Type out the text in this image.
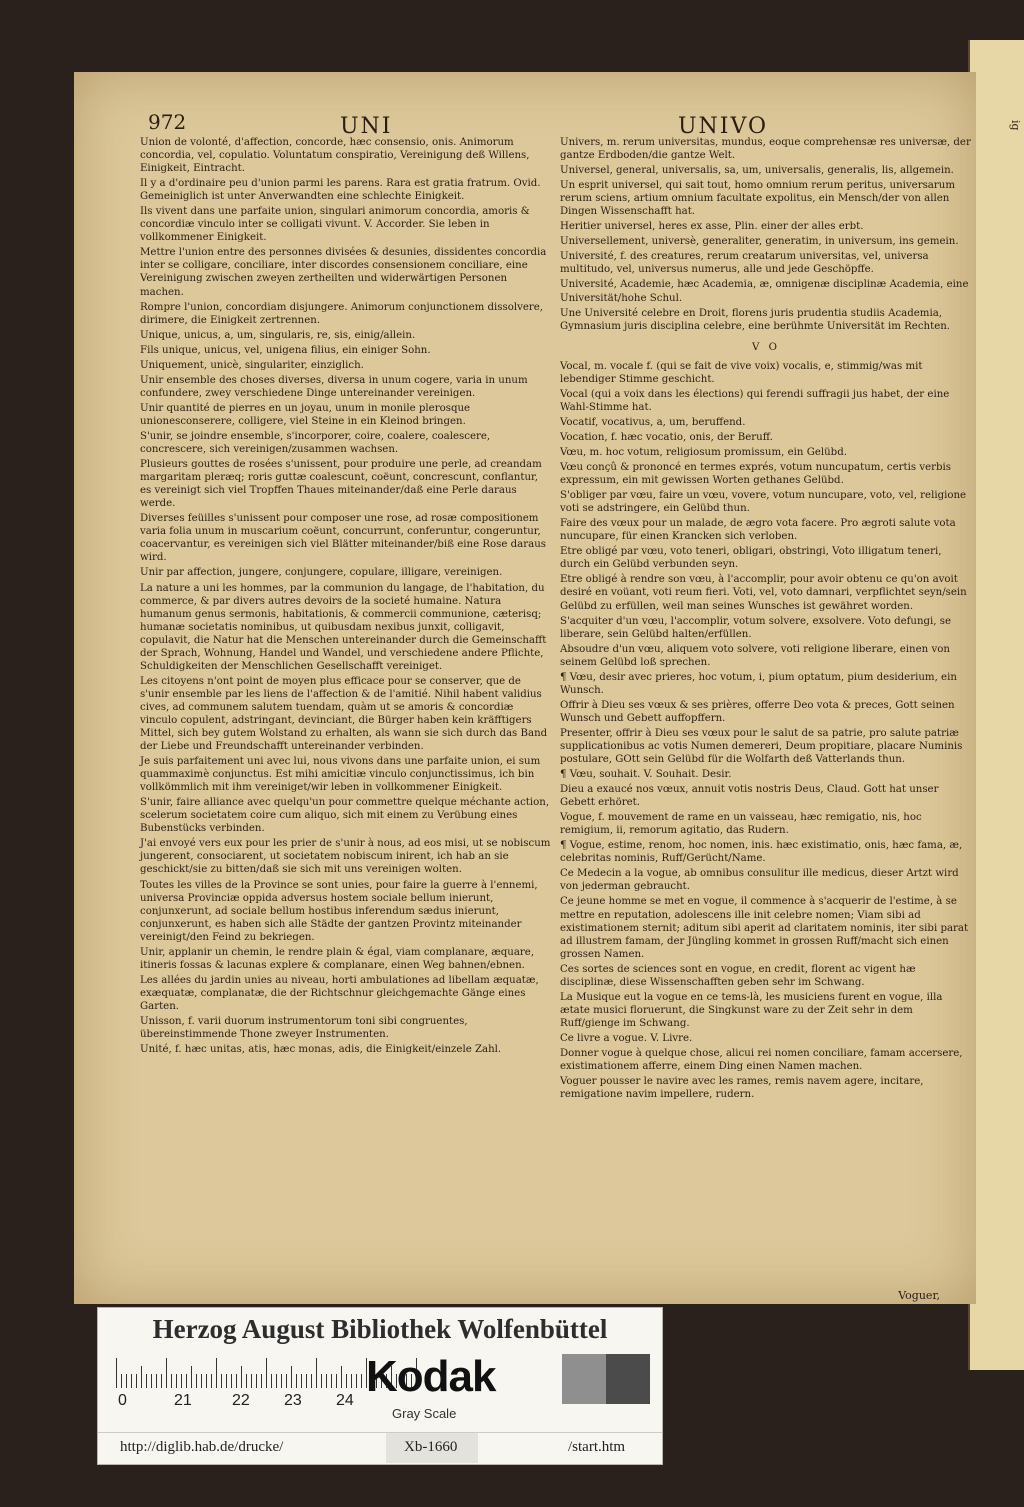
ig
972	UNI	UNIVO
Union de volonté, d'affection, concorde, hæc consensio, onis. Animorum concordia, vel, copulatio. Voluntatum conspiratio, Vereinigung deß Willens, Einigkeit, Eintracht.
Il y a d'ordinaire peu d'union parmi les parens. Rara est gratia fratrum. Ovid. Gemeiniglich ist unter Anverwandten eine schlechte Einigkeit.
Ils vivent dans une parfaite union, singulari animorum concordia, amoris & concordiæ vinculo inter se colligati vivunt. V. Accorder. Sie leben in vollkommener Einigkeit.
Mettre l'union entre des personnes divisées & desunies, dissidentes concordia inter se colligare, conciliare, inter discordes consensionem conciliare, eine Vereinigung zwischen zweyen zertheilten und widerwärtigen Personen machen.
Rompre l'union, concordiam disjungere. Animorum conjunctionem dissolvere, dirimere, die Einigkeit zertrennen.
Unique, unicus, a, um, singularis, re, sis, einig/allein.
Fils unique, unicus, vel, unigena filius, ein einiger Sohn.
Uniquement, unicè, singulariter, einziglich.
Unir ensemble des choses diverses, diversa in unum cogere, varia in unum confundere, zwey verschiedene Dinge untereinander vereinigen.
Unir quantité de pierres en un joyau, unum in monile plerosque unionesconserere, colligere, viel Steine in ein Kleinod bringen.
S'unir, se joindre ensemble, s'incorporer, coire, coalere, coalescere, concrescere, sich vereinigen/zusammen wachsen.
Plusieurs gouttes de rosées s'unissent, pour produire une perle, ad creandam margaritam pleræq; roris guttæ coalescunt, coëunt, concrescunt, conflantur, es vereinigt sich viel Tropffen Thaues miteinander/daß eine Perle daraus werde.
Diverses feüilles s'unissent pour composer une rose, ad rosæ compositionem varia folia unum in muscarium coëunt, concurrunt, conferuntur, congeruntur, coacervantur, es vereinigen sich viel Blätter miteinander/biß eine Rose daraus wird.
Unir par affection, jungere, conjungere, copulare, illigare, vereinigen.
La nature a uni les hommes, par la communion du langage, de l'habitation, du commerce, & par divers autres devoirs de la societé humaine. Natura humanum genus sermonis, habitationis, & commercii communione, cæterisq; humanæ societatis nominibus, ut quibusdam nexibus junxit, colligavit, copulavit, die Natur hat die Menschen untereinander durch die Gemeinschafft der Sprach, Wohnung, Handel und Wandel, und verschiedene andere Pflichte, Schuldigkeiten der Menschlichen Gesellschafft vereiniget.
Les citoyens n'ont point de moyen plus efficace pour se conserver, que de s'unir ensemble par les liens de l'affection & de l'amitié. Nihil habent validius cives, ad communem salutem tuendam, quàm ut se amoris & concordiæ vinculo copulent, adstringant, devinciant, die Bürger haben kein kräfftigers Mittel, sich bey gutem Wolstand zu erhalten, als wann sie sich durch das Band der Liebe und Freundschafft untereinander verbinden.
Je suis parfaitement uni avec lui, nous vivons dans une parfaite union, ei sum quammaximè conjunctus. Est mihi amicitiæ vinculo conjunctissimus, ich bin vollkömmlich mit ihm vereiniget/wir leben in vollkommener Einigkeit.
S'unir, faire alliance avec quelqu'un pour commettre quelque méchante action, scelerum societatem coire cum aliquo, sich mit einem zu Verübung eines Bubenstücks verbinden.
J'ai envoyé vers eux pour les prier de s'unir à nous, ad eos misi, ut se nobiscum jungerent, consociarent, ut societatem nobiscum inirent, ich hab an sie geschickt/sie zu bitten/daß sie sich mit uns vereinigen wolten.
Toutes les villes de la Province se sont unies, pour faire la guerre à l'ennemi, universa Provinciæ oppida adversus hostem sociale bellum inierunt, conjunxerunt, ad sociale bellum hostibus inferendum sædus inierunt, conjunxerunt, es haben sich alle Städte der gantzen Provintz miteinander vereinigt/den Feind zu bekriegen.
Unir, applanir un chemin, le rendre plain & égal, viam complanare, æquare, itineris fossas & lacunas explere & complanare, einen Weg bahnen/ebnen.
Les allées du jardin unies au niveau, horti ambulationes ad libellam æquatæ, exæquatæ, complanatæ, die der Richtschnur gleichgemachte Gänge eines Garten.
Unisson, f. varii duorum instrumentorum toni sibi congruentes, übereinstimmende Thone zweyer Instrumenten.
Unité, f. hæc unitas, atis, hæc monas, adis, die Einigkeit/einzele Zahl.
Univers, m. rerum universitas, mundus, eoque comprehensæ res universæ, der gantze Erdboden/die gantze Welt.
Universel, general, universalis, sa, um, universalis, generalis, lis, allgemein.
Un esprit universel, qui sait tout, homo omnium rerum peritus, universarum rerum sciens, artium omnium facultate expolitus, ein Mensch/der von allen Dingen Wissenschafft hat.
Heritier universel, heres ex asse, Plin. einer der alles erbt.
Universellement, universè, generaliter, generatim, in universum, ins gemein.
Université, f. des creatures, rerum creatarum universitas, vel, universa multitudo, vel, universus numerus, alle und jede Geschöpffe.
Université, Academie, hæc Academia, æ, omnigenæ disciplinæ Academia, eine Universität/hohe Schul.
Une Université celebre en Droit, florens juris prudentia studiis Academia, Gymnasium juris disciplina celebre, eine berühmte Universität im Rechten.
V O
Vocal, m. vocale f. (qui se fait de vive voix) vocalis, e, stimmig/was mit lebendiger Stimme geschicht.
Vocal (qui a voix dans les élections) qui ferendi suffragii jus habet, der eine Wahl-Stimme hat.
Vocatif, vocativus, a, um, beruffend.
Vocation, f. hæc vocatio, onis, der Beruff.
Vœu, m. hoc votum, religiosum promissum, ein Gelübd.
Vœu conçû & prononcé en termes exprés, votum nuncupatum, certis verbis expressum, ein mit gewissen Worten gethanes Gelübd.
S'obliger par vœu, faire un vœu, vovere, votum nuncupare, voto, vel, religione voti se adstringere, ein Gelübd thun.
Faire des vœux pour un malade, de ægro vota facere. Pro ægroti salute vota nuncupare, für einen Krancken sich verloben.
Etre obligé par vœu, voto teneri, obligari, obstringi, Voto illigatum teneri, durch ein Gelübd verbunden seyn.
Etre obligé à rendre son vœu, à l'accomplir, pour avoir obtenu ce qu'on avoit desiré en voüant, voti reum fieri. Voti, vel, voto damnari, verpflichtet seyn/sein Gelübd zu erfüllen, weil man seines Wunsches ist gewähret worden.
S'acquiter d'un vœu, l'accomplir, votum solvere, exsolvere. Voto defungi, se liberare, sein Gelübd halten/erfüllen.
Absoudre d'un vœu, aliquem voto solvere, voti religione liberare, einen von seinem Gelübd loß sprechen.
¶ Vœu, desir avec prieres, hoc votum, i, pium optatum, pium desiderium, ein Wunsch.
Offrir à Dieu ses vœux & ses prières, offerre Deo vota & preces, Gott seinen Wunsch und Gebett auffopffern.
Presenter, offrir à Dieu ses vœux pour le salut de sa patrie, pro salute patriæ supplicationibus ac votis Numen demereri, Deum propitiare, placare Numinis postulare, GOtt sein Gelübd für die Wolfarth deß Vatterlands thun.
¶ Vœu, souhait. V. Souhait. Desir.
Dieu a exaucé nos vœux, annuit votis nostris Deus, Claud. Gott hat unser Gebett erhöret.
Vogue, f. mouvement de rame en un vaisseau, hæc remigatio, nis, hoc remigium, ii, remorum agitatio, das Rudern.
¶ Vogue, estime, renom, hoc nomen, inis. hæc existimatio, onis, hæc fama, æ, celebritas nominis, Ruff/Gerücht/Name.
Ce Medecin a la vogue, ab omnibus consulitur ille medicus, dieser Artzt wird von jederman gebraucht.
Ce jeune homme se met en vogue, il commence à s'acquerir de l'estime, à se mettre en reputation, adolescens ille init celebre nomen; Viam sibi ad existimationem sternit; aditum sibi aperit ad claritatem nominis, iter sibi parat ad illustrem famam, der Jüngling kommet in grossen Ruff/macht sich einen grossen Namen.
Ces sortes de sciences sont en vogue, en credit, florent ac vigent hæ disciplinæ, diese Wissenschafften geben sehr im Schwang.
La Musique eut la vogue en ce tems-là, les musiciens furent en vogue, illa ætate musici floruerunt, die Singkunst ware zu der Zeit sehr in dem Ruff/gienge im Schwang.
Ce livre a vogue. V. Livre.
Donner vogue à quelque chose, alicui rei nomen conciliare, famam accersere, existimationem afferre, einem Ding einen Namen machen.
Voguer pousser le navire avec les rames, remis navem agere, incitare, remigatione navim impellere, rudern.
Voguer,
Herzog August Bibliothek Wolfenbüttel
0	21	22 23 24 Kodak
Gray Scale
http://diglib.hab.de/drucke/	Xb-1660	/start.htm
